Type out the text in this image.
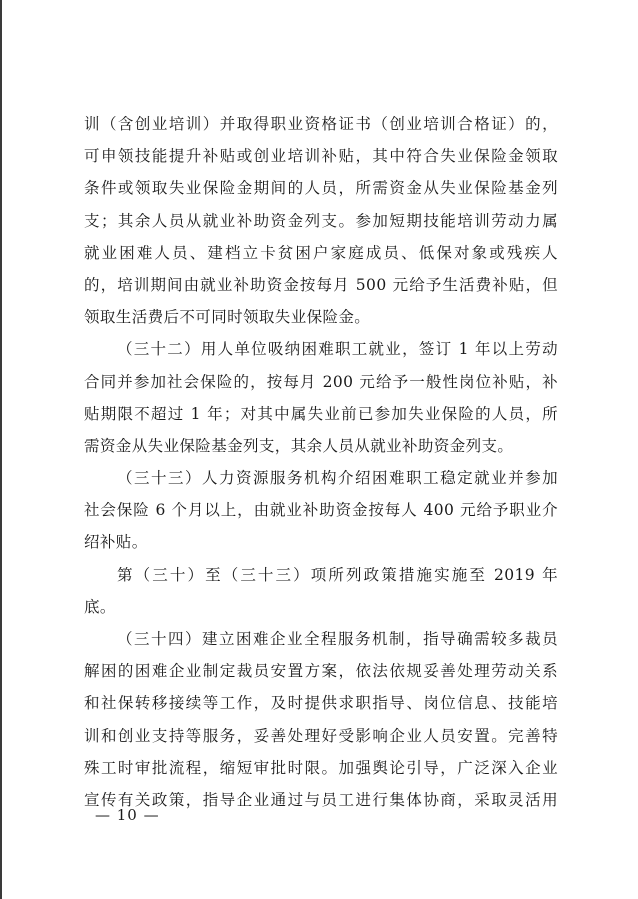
训（含创业培训）并取得职业资格证书（创业培训合格证）的，
可申领技能提升补贴或创业培训补贴，其中符合失业保险金领取
条件或领取失业保险金期间的人员，所需资金从失业保险基金列
支；其余人员从就业补助资金列支。参加短期技能培训劳动力属
就业困难人员、建档立卡贫困户家庭成员、低保对象或残疾人
的，培训期间由就业补助资金按每月 500 元给予生活费补贴，但
领取生活费后不可同时领取失业保险金。
（三十二）用人单位吸纳困难职工就业，签订 1 年以上劳动
合同并参加社会保险的，按每月 200 元给予一般性岗位补贴，补
贴期限不超过 1 年；对其中属失业前已参加失业保险的人员，所
需资金从失业保险基金列支，其余人员从就业补助资金列支。
（三十三）人力资源服务机构介绍困难职工稳定就业并参加
社会保险 6 个月以上，由就业补助资金按每人 400 元给予职业介
绍补贴。
第（三十）至（三十三）项所列政策措施实施至 2019 年
底。
（三十四）建立困难企业全程服务机制，指导确需较多裁员
解困的困难企业制定裁员安置方案，依法依规妥善处理劳动关系
和社保转移接续等工作，及时提供求职指导、岗位信息、技能培
训和创业支持等服务，妥善处理好受影响企业人员安置。完善特
殊工时审批流程，缩短审批时限。加强舆论引导，广泛深入企业
宣传有关政策，指导企业通过与员工进行集体协商，采取灵活用
— 10 —
